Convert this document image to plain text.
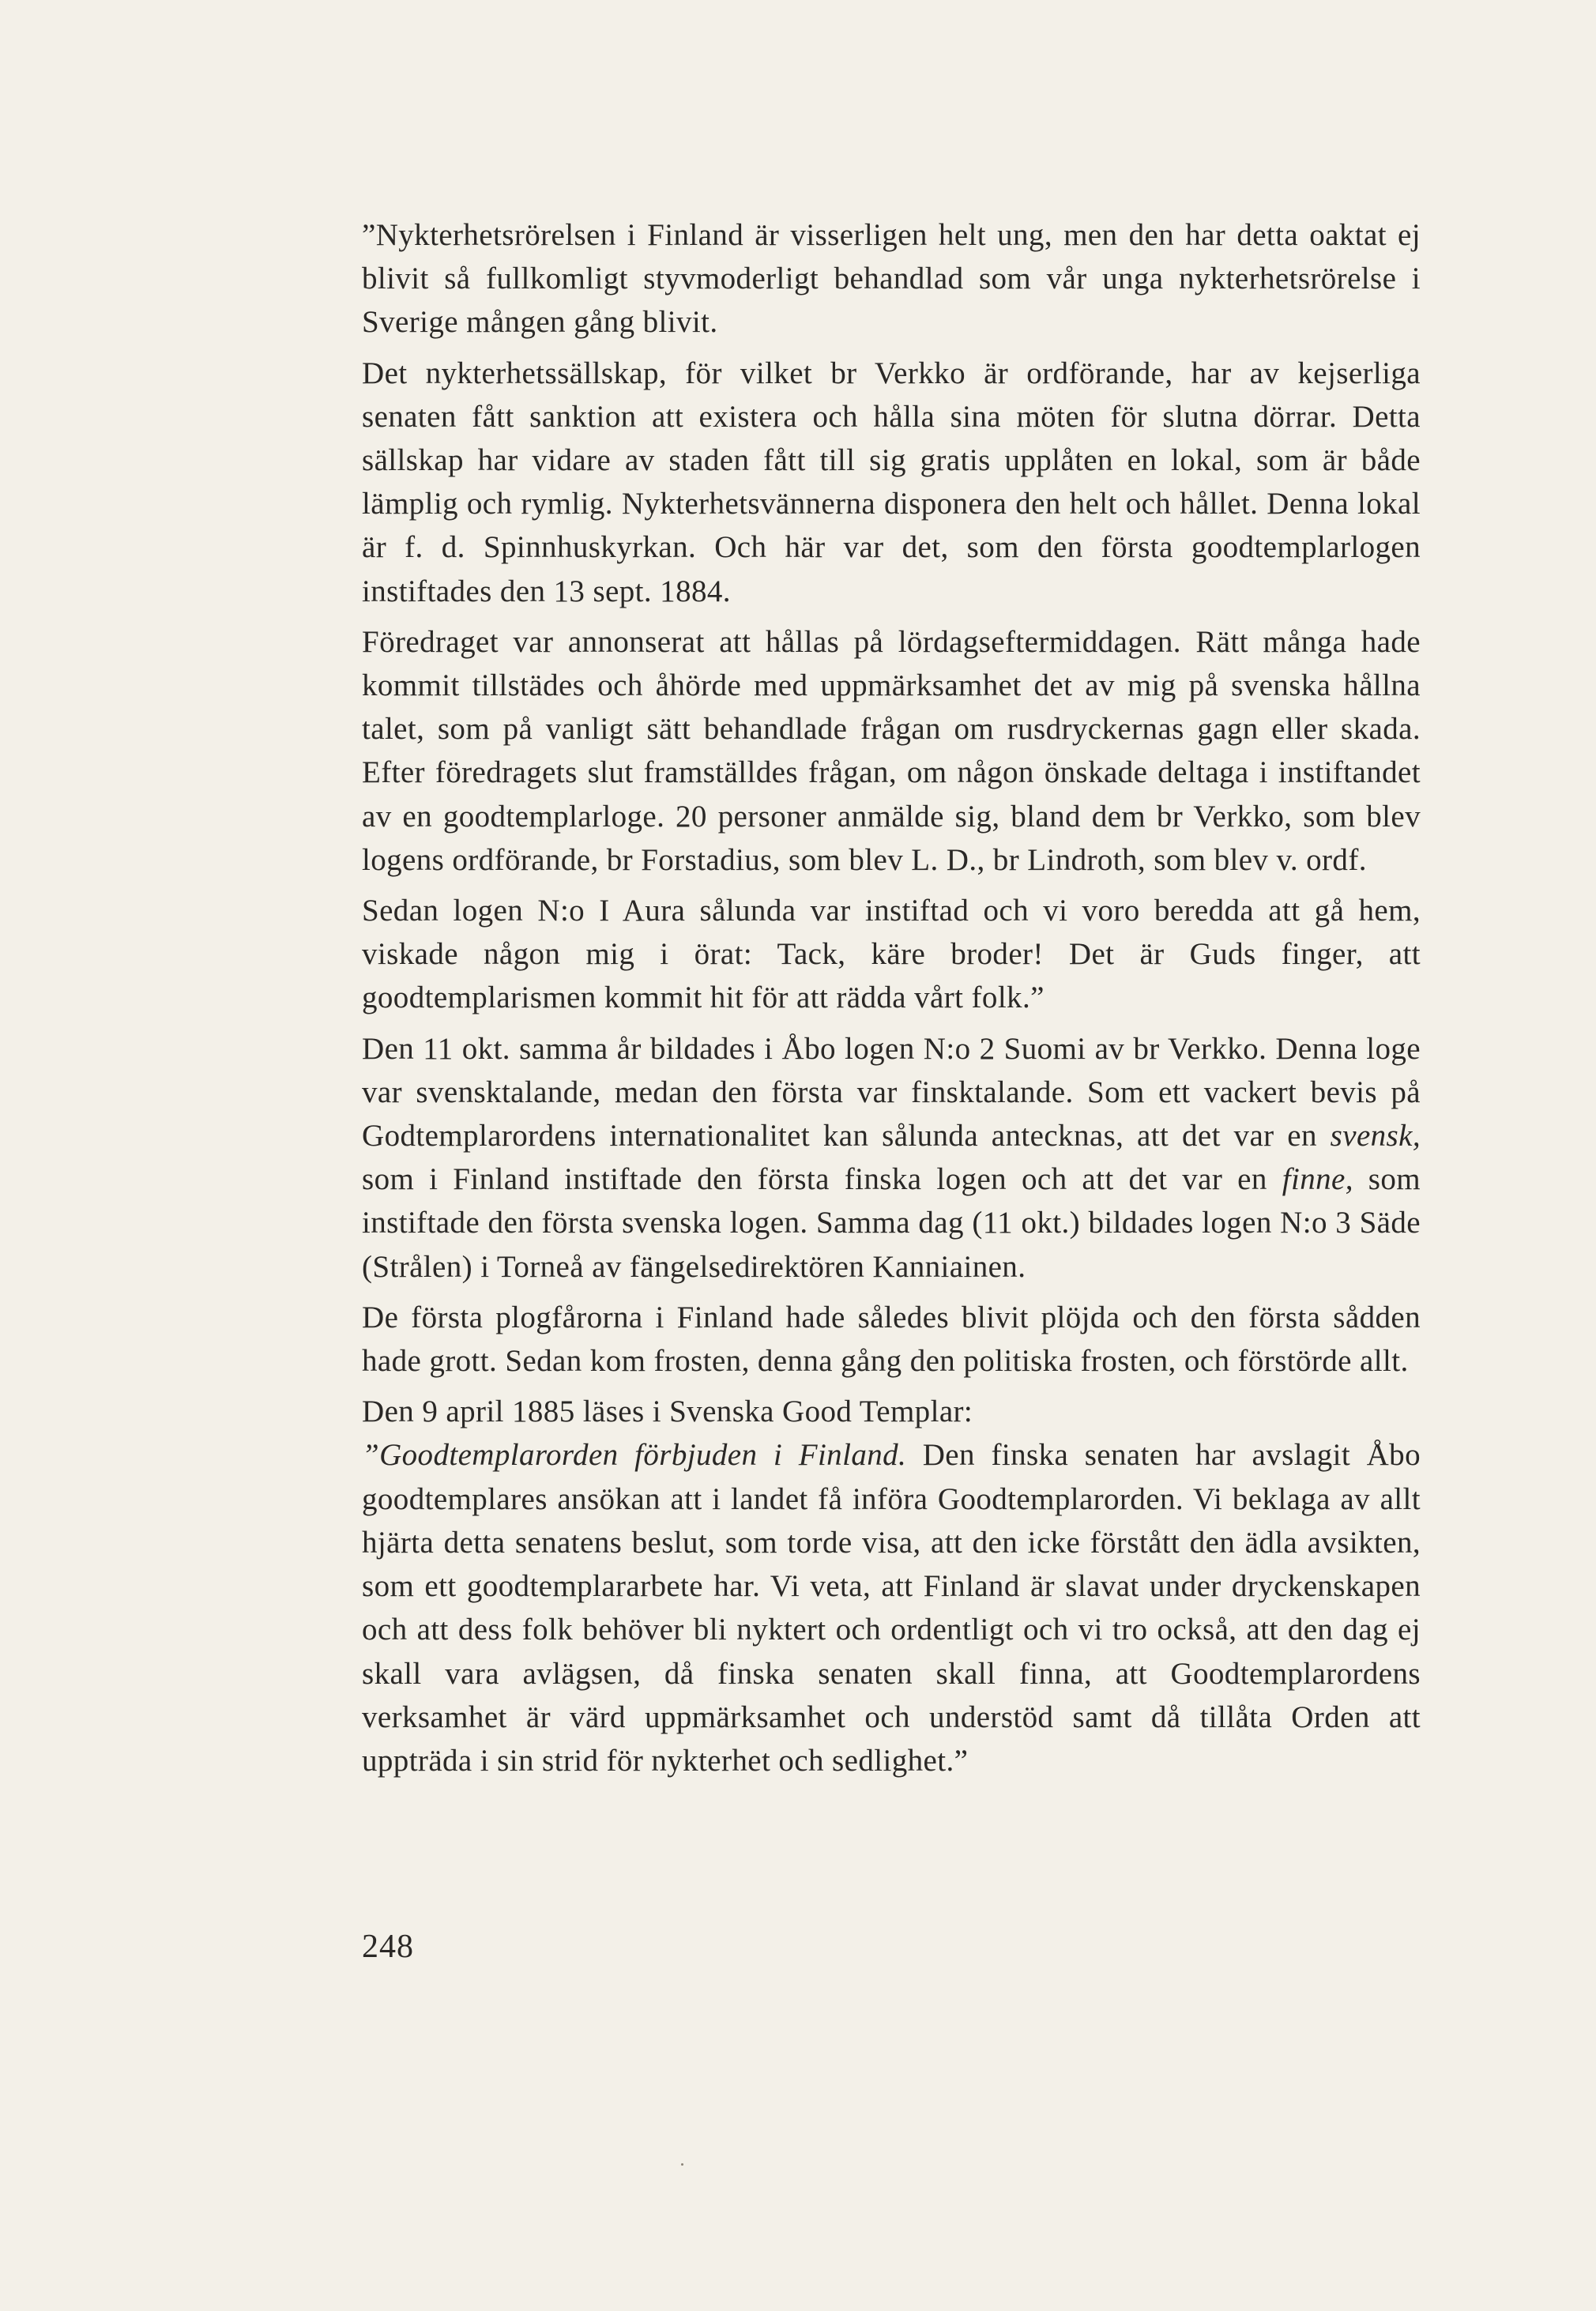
”Nykterhetsrörelsen i Finland är visserligen helt ung, men den har detta oaktat ej blivit så fullkomligt styvmoderligt behandlad som vår unga nykterhetsrörelse i Sverige mången gång blivit.

Det nykterhetssällskap, för vilket br Verkko är ordförande, har av kejserliga senaten fått sanktion att existera och hålla sina möten för slutna dörrar. Detta sällskap har vidare av staden fått till sig gratis upplåten en lokal, som är både lämplig och rymlig. Nykterhetsvännerna disponera den helt och hållet. Denna lokal är f. d. Spinnhuskyrkan. Och här var det, som den första goodtemplarlogen instiftades den 13 sept. 1884.

Föredraget var annonserat att hållas på lördagseftermiddagen. Rätt många hade kommit tillstädes och åhörde med uppmärksamhet det av mig på svenska hållna talet, som på vanligt sätt behandlade frågan om rusdryckernas gagn eller skada. Efter föredragets slut framställdes frågan, om någon önskade deltaga i instiftandet av en goodtemplarloge. 20 personer anmälde sig, bland dem br Verkko, som blev logens ordförande, br Forstadius, som blev L. D., br Lindroth, som blev v. ordf.

Sedan logen N:o I Aura sålunda var instiftad och vi voro beredda att gå hem, viskade någon mig i örat: Tack, käre broder! Det är Guds finger, att goodtemplarismen kommit hit för att rädda vårt folk.”

Den 11 okt. samma år bildades i Åbo logen N:o 2 Suomi av br Verkko. Denna loge var svensktalande, medan den första var finsktalande. Som ett vackert bevis på Godtemplarordens internationalitet kan sålunda antecknas, att det var en svensk, som i Finland instiftade den första finska logen och att det var en finne, som instiftade den första svenska logen. Samma dag (11 okt.) bildades logen N:o 3 Säde (Strålen) i Torneå av fängelsedirektören Kanniainen.

De första plogfårorna i Finland hade således blivit plöjda och den första sådden hade grott. Sedan kom frosten, denna gång den politiska frosten, och förstörde allt.

Den 9 april 1885 läses i Svenska Good Templar:

”Goodtemplarorden förbjuden i Finland. Den finska senaten har avslagit Åbo goodtemplares ansökan att i landet få införa Goodtemplarorden. Vi beklaga av allt hjärta detta senatens beslut, som torde visa, att den icke förstått den ädla avsikten, som ett goodtemplararbete har. Vi veta, att Finland är slavat under dryckenskapen och att dess folk behöver bli nyktert och ordentligt och vi tro också, att den dag ej skall vara avlägsen, då finska senaten skall finna, att Goodtemplarordens verksamhet är värd uppmärksamhet och understöd samt då tillåta Orden att uppträda i sin strid för nykterhet och sedlighet.”

248
